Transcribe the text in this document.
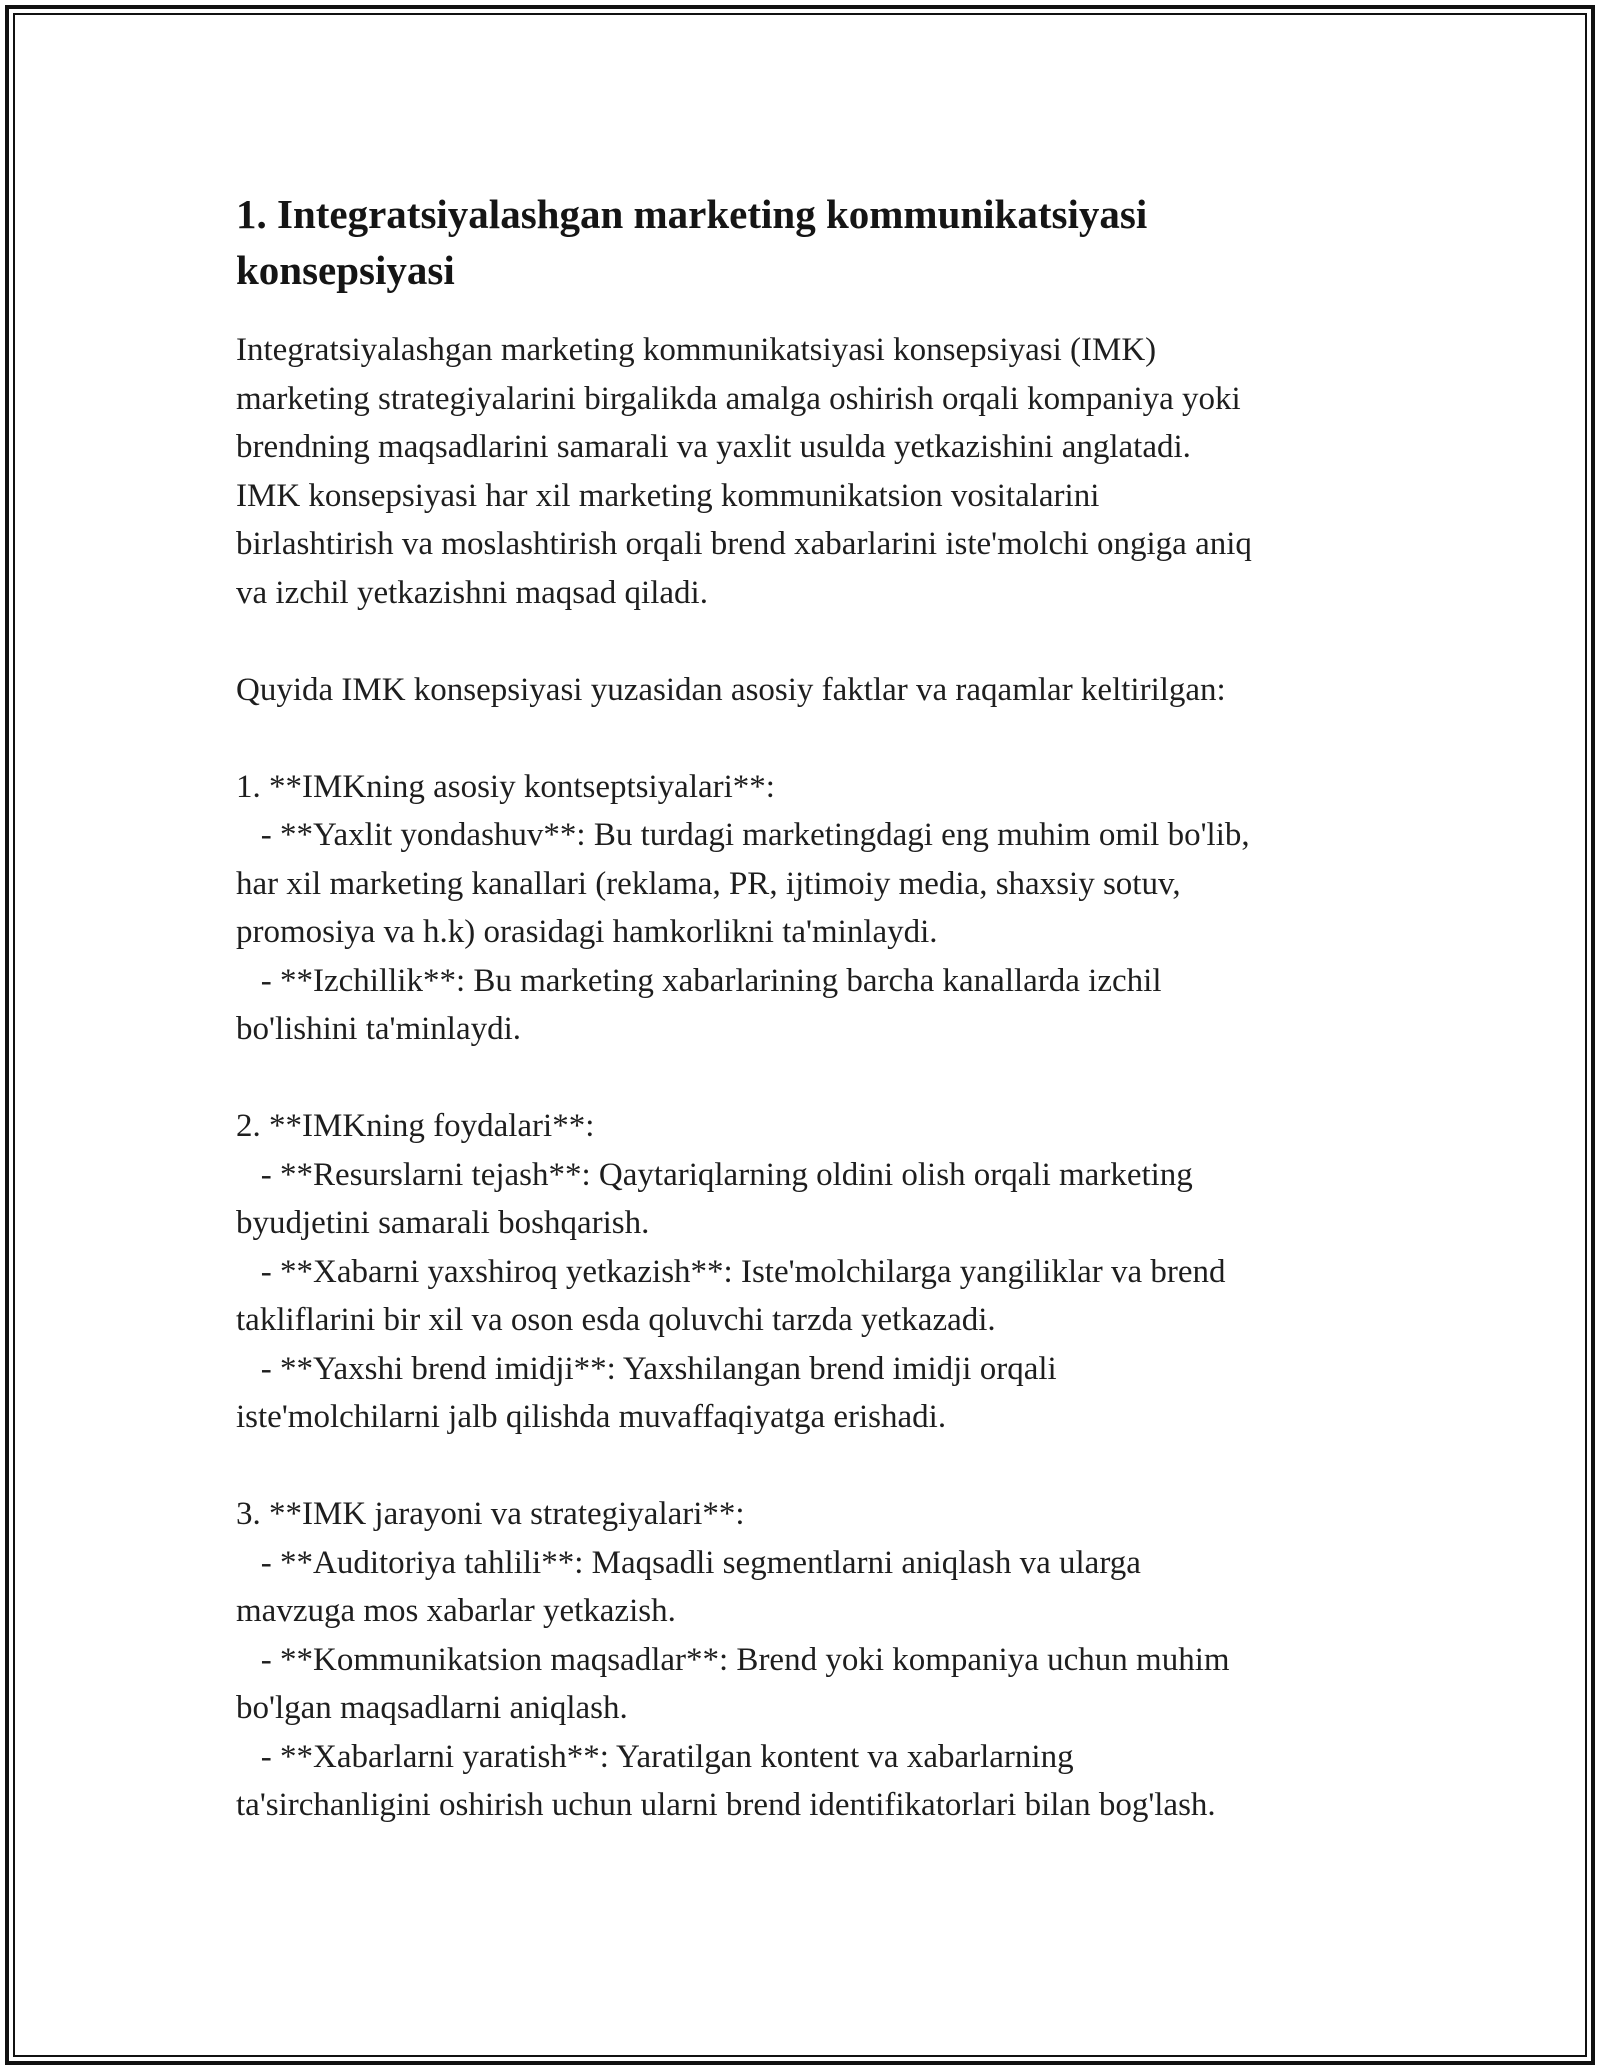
1. Integratsiyalashgan marketing kommunikatsiyasi
konsepsiyasi
Integratsiyalashgan marketing kommunikatsiyasi konsepsiyasi (IMK)
marketing strategiyalarini birgalikda amalga oshirish orqali kompaniya yoki
brendning maqsadlarini samarali va yaxlit usulda yetkazishini anglatadi.
IMK konsepsiyasi har xil marketing kommunikatsion vositalarini
birlashtirish va moslashtirish orqali brend xabarlarini iste'molchi ongiga aniq
va izchil yetkazishni maqsad qiladi.

Quyida IMK konsepsiyasi yuzasidan asosiy faktlar va raqamlar keltirilgan:

1. **IMKning asosiy kontseptsiyalari**:
- **Yaxlit yondashuv**: Bu turdagi marketingdagi eng muhim omil bo'lib,
har xil marketing kanallari (reklama, PR, ijtimoiy media, shaxsiy sotuv,
promosiya va h.k) orasidagi hamkorlikni ta'minlaydi.
- **Izchillik**: Bu marketing xabarlarining barcha kanallarda izchil
bo'lishini ta'minlaydi.

2. **IMKning foydalari**:
- **Resurslarni tejash**: Qaytariqlarning oldini olish orqali marketing
byudjetini samarali boshqarish.
- **Xabarni yaxshiroq yetkazish**: Iste'molchilarga yangiliklar va brend
takliflarini bir xil va oson esda qoluvchi tarzda yetkazadi.
- **Yaxshi brend imidji**: Yaxshilangan brend imidji orqali
iste'molchilarni jalb qilishda muvaffaqiyatga erishadi.

3. **IMK jarayoni va strategiyalari**:
- **Auditoriya tahlili**: Maqsadli segmentlarni aniqlash va ularga
mavzuga mos xabarlar yetkazish.
- **Kommunikatsion maqsadlar**: Brend yoki kompaniya uchun muhim
bo'lgan maqsadlarni aniqlash.
- **Xabarlarni yaratish**: Yaratilgan kontent va xabarlarning
ta'sirchanligini oshirish uchun ularni brend identifikatorlari bilan bog'lash.
